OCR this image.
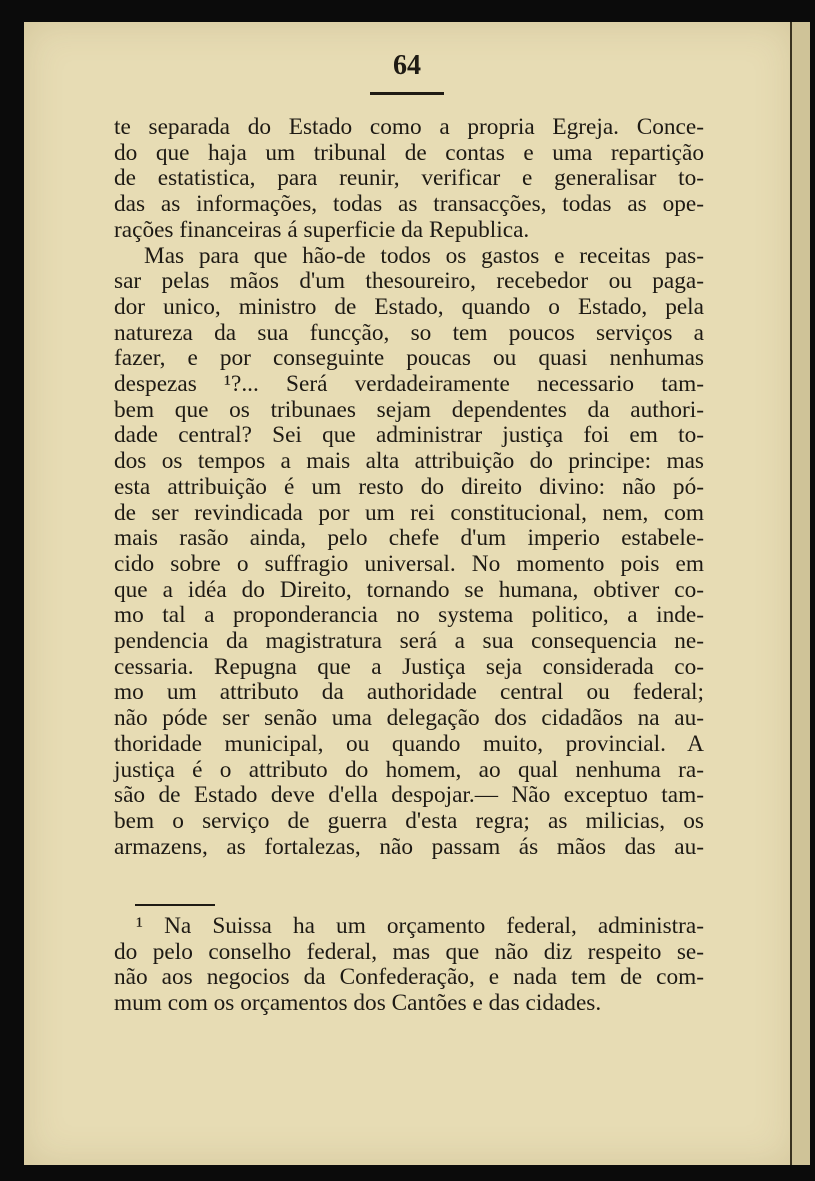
64
te separada do Estado como a propria Egreja. Conce-
do que haja um tribunal de contas e uma repartição
de estatistica, para reunir, verificar e generalisar to-
das as informações, todas as transacções, todas as ope-
rações financeiras á superficie da Republica.
Mas para que hão-de todos os gastos e receitas pas-
sar pelas mãos d'um thesoureiro, recebedor ou paga-
dor unico, ministro de Estado, quando o Estado, pela
natureza da sua funcção, so tem poucos serviços a
fazer, e por conseguinte poucas ou quasi nenhumas
despezas ¹?... Será verdadeiramente necessario tam-
bem que os tribunaes sejam dependentes da authori-
dade central? Sei que administrar justiça foi em to-
dos os tempos a mais alta attribuição do principe: mas
esta attribuição é um resto do direito divino: não pó-
de ser revindicada por um rei constitucional, nem, com
mais rasão ainda, pelo chefe d'um imperio estabele-
cido sobre o suffragio universal. No momento pois em
que a idéa do Direito, tornando se humana, obtiver co-
mo tal a proponderancia no systema politico, a inde-
pendencia da magistratura será a sua consequencia ne-
cessaria. Repugna que a Justiça seja considerada co-
mo um attributo da authoridade central ou federal;
não póde ser senão uma delegação dos cidadãos na au-
thoridade municipal, ou quando muito, provincial. A
justiça é o attributo do homem, ao qual nenhuma ra-
são de Estado deve d'ella despojar.— Não exceptuo tam-
bem o serviço de guerra d'esta regra; as milicias, os
armazens, as fortalezas, não passam ás mãos das au-
¹ Na Suissa ha um orçamento federal, administra-
do pelo conselho federal, mas que não diz respeito se-
não aos negocios da Confederação, e nada tem de com-
mum com os orçamentos dos Cantões e das cidades.
